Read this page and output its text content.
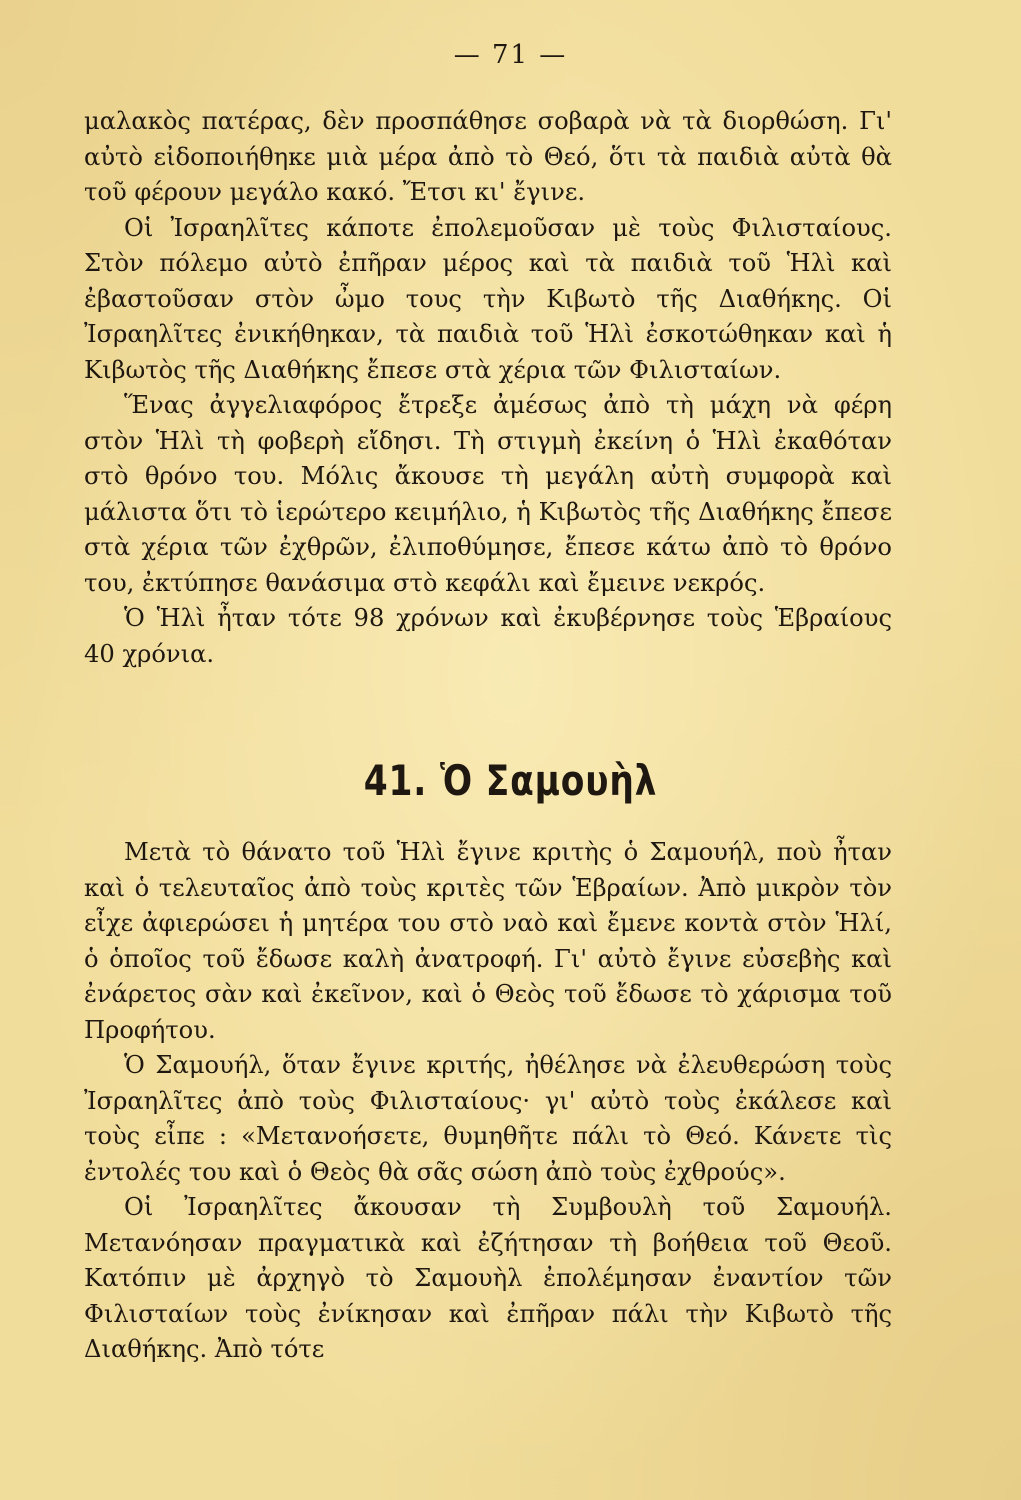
— 71 —

μαλακὸς πατέρας, δὲν προσπάθησε σοβαρὰ νὰ τὰ διορθώση. Γι' αὐτὸ εἰδοποιήθηκε μιὰ μέρα ἀπὸ τὸ Θεό, ὅτι τὰ παιδιὰ αὐτὰ θὰ τοῦ φέρουν μεγάλο κακό. Ἔτσι κι' ἔγινε.

Οἱ Ἰσραηλῖτες κάποτε ἐπολεμοῦσαν μὲ τοὺς Φιλισταίους. Στὸν πόλεμο αὐτὸ ἐπῆραν μέρος καὶ τὰ παιδιὰ τοῦ Ἡλὶ καὶ ἐβαστοῦσαν στὸν ὦμο τους τὴν Κιβωτὸ τῆς Διαθήκης. Οἱ Ἰσραηλῖτες ἐνικήθηκαν, τὰ παιδιὰ τοῦ Ἡλὶ ἐσκοτώθηκαν καὶ ἡ Κιβωτὸς τῆς Διαθήκης ἔπεσε στὰ χέρια τῶν Φιλισταίων.

Ἕνας ἀγγελιαφόρος ἔτρεξε ἀμέσως ἀπὸ τὴ μάχη νὰ φέρη στὸν Ἡλὶ τὴ φοβερὴ εἴδησι. Τὴ στιγμὴ ἐκείνη ὁ Ἡλὶ ἐκαθόταν στὸ θρόνο του. Μόλις ἄκουσε τὴ μεγάλη αὐτὴ συμφορὰ καὶ μάλιστα ὅτι τὸ ἱερώτερο κειμήλιο, ἡ Κιβωτὸς τῆς Διαθήκης ἔπεσε στὰ χέρια τῶν ἐχθρῶν, ἐλιποθύμησε, ἔπεσε κάτω ἀπὸ τὸ θρόνο του, ἐκτύπησε θανάσιμα στὸ κεφάλι καὶ ἔμεινε νεκρός.

Ὁ Ἡλὶ ἦταν τότε 98 χρόνων καὶ ἐκυβέρνησε τοὺς Ἑβραίους 40 χρόνια.

41. Ὁ Σαμουὴλ

Μετὰ τὸ θάνατο τοῦ Ἡλὶ ἔγινε κριτὴς ὁ Σαμουήλ, ποὺ ἦταν καὶ ὁ τελευταῖος ἀπὸ τοὺς κριτὲς τῶν Ἑβραίων. Ἀπὸ μικρὸν τὸν εἶχε ἀφιερώσει ἡ μητέρα του στὸ ναὸ καὶ ἔμενε κοντὰ στὸν Ἡλί, ὁ ὁποῖος τοῦ ἔδωσε καλὴ ἀνατροφή. Γι' αὐτὸ ἔγινε εὐσεβὴς καὶ ἐνάρετος σὰν καὶ ἐκεῖνον, καὶ ὁ Θεὸς τοῦ ἔδωσε τὸ χάρισμα τοῦ Προφήτου.

Ὁ Σαμουήλ, ὅταν ἔγινε κριτής, ἠθέλησε νὰ ἐλευθερώση τοὺς Ἰσραηλῖτες ἀπὸ τοὺς Φιλισταίους· γι' αὐτὸ τοὺς ἐκάλεσε καὶ τοὺς εἶπε : «Μετανοήσετε, θυμηθῆτε πάλι τὸ Θεό. Κάνετε τὶς ἐντολές του καὶ ὁ Θεὸς θὰ σᾶς σώση ἀπὸ τοὺς ἐχθρούς».

Οἱ Ἰσραηλῖτες ἄκουσαν τὴ Συμβουλὴ τοῦ Σαμουήλ. Μετανόησαν πραγματικὰ καὶ ἐζήτησαν τὴ βοήθεια τοῦ Θεοῦ. Κατόπιν μὲ ἀρχηγὸ τὸ Σαμουὴλ ἐπολέμησαν ἐναντίον τῶν Φιλισταίων τοὺς ἐνίκησαν καὶ ἐπῆραν πάλι τὴν Κιβωτὸ τῆς Διαθήκης. Ἀπὸ τότε
